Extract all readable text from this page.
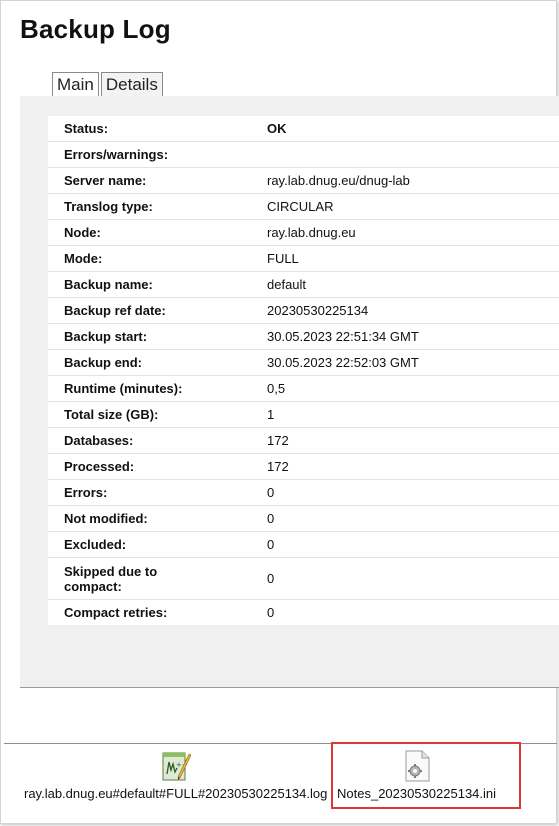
Backup Log
Main Details
Status:	OK
Errors/warnings:	
Server name:	ray.lab.dnug.eu/dnug-lab
Translog type:	CIRCULAR
Node:	ray.lab.dnug.eu
Mode:	FULL
Backup name:	default
Backup ref date:	20230530225134
Backup start:	30.05.2023 22:51:34 GMT
Backup end:	30.05.2023 22:52:03 GMT
Runtime (minutes):	0,5
Total size (GB):	1
Databases:	172
Processed:	172
Errors:	0
Not modified:	0
Excluded:	0

Skipped due to compact:	0
Compact retries:	0
++
ray.lab.dnug.eu#default#FULL#20230530225134.log Notes_20230530225134.ini
